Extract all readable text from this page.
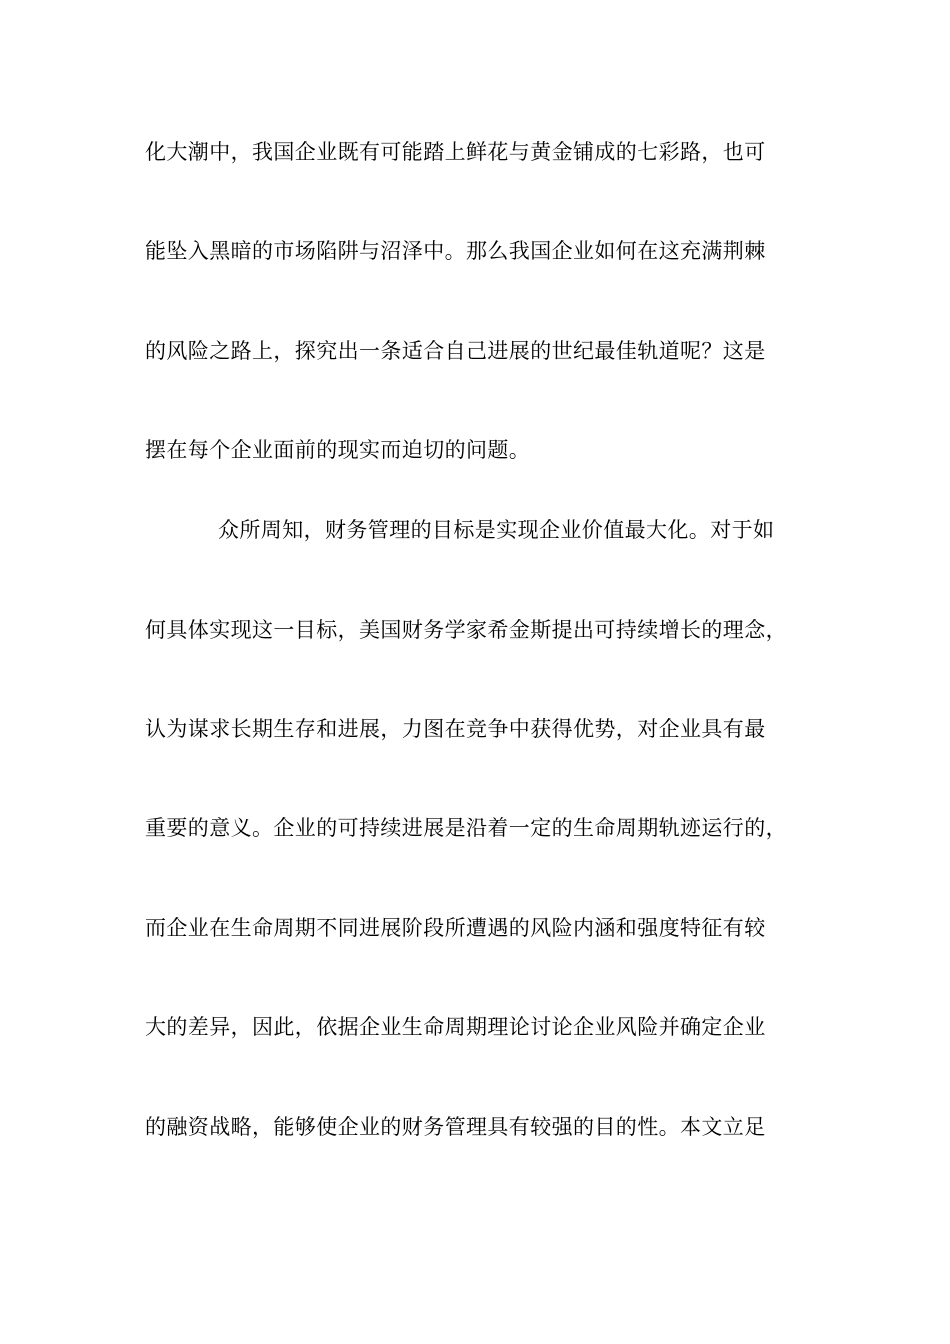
化大潮中，我国企业既有可能踏上鲜花与黄金铺成的七彩路，也可
能坠入黑暗的市场陷阱与沼泽中。那么我国企业如何在这充满荆棘
的风险之路上，探究出一条适合自己进展的世纪最佳轨道呢？这是
摆在每个企业面前的现实而迫切的问题。
众所周知，财务管理的目标是实现企业价值最大化。对于如
何具体实现这一目标，美国财务学家希金斯提出可持续增长的理念，
认为谋求长期生存和进展，力图在竞争中获得优势，对企业具有最
重要的意义。企业的可持续进展是沿着一定的生命周期轨迹运行的，
而企业在生命周期不同进展阶段所遭遇的风险内涵和强度特征有较
大的差异，因此，依据企业生命周期理论讨论企业风险并确定企业
的融资战略，能够使企业的财务管理具有较强的目的性。本文立足
